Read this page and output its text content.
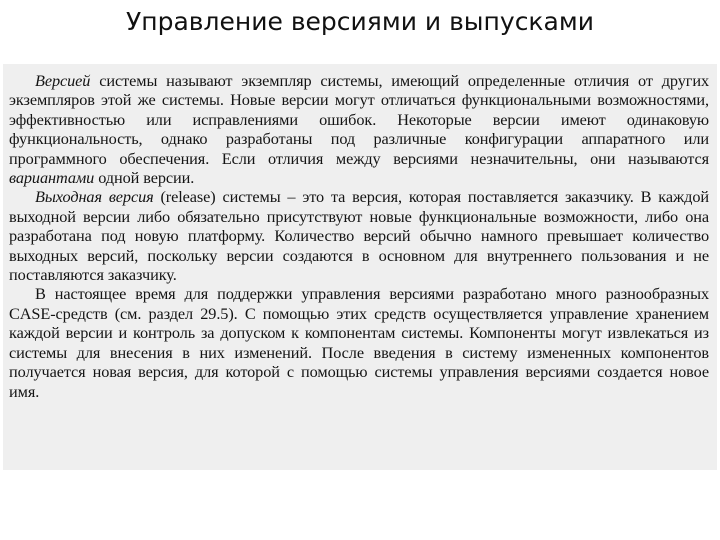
Управление версиями и выпусками

Версией системы называют экземпляр системы, имеющий определенные отличия от других экземпляров этой же системы. Новые версии могут отличаться функциональными возможностями, эффективностью или исправлениями ошибок. Некоторые версии имеют одинаковую функциональность, однако разработаны под различные конфигурации аппаратного или программного обеспечения. Если отличия между версиями незначительны, они называются вариантами одной версии.

Выходная версия (release) системы – это та версия, которая поставляется заказчику. В каждой выходной версии либо обязательно присутствуют новые функциональные возможности, либо она разработана под новую платформу. Количество версий обычно намного превышает количество выходных версий, поскольку версии создаются в основном для внутреннего пользования и не поставляются заказчику.

В настоящее время для поддержки управления версиями разработано много разнообразных CASE-средств (см. раздел 29.5). С помощью этих средств осуществляется управление хранением каждой версии и контроль за допуском к компонентам системы. Компоненты могут извлекаться из системы для внесения в них изменений. После введения в систему измененных компонентов получается новая версия, для которой с помощью системы управления версиями создается новое имя.
